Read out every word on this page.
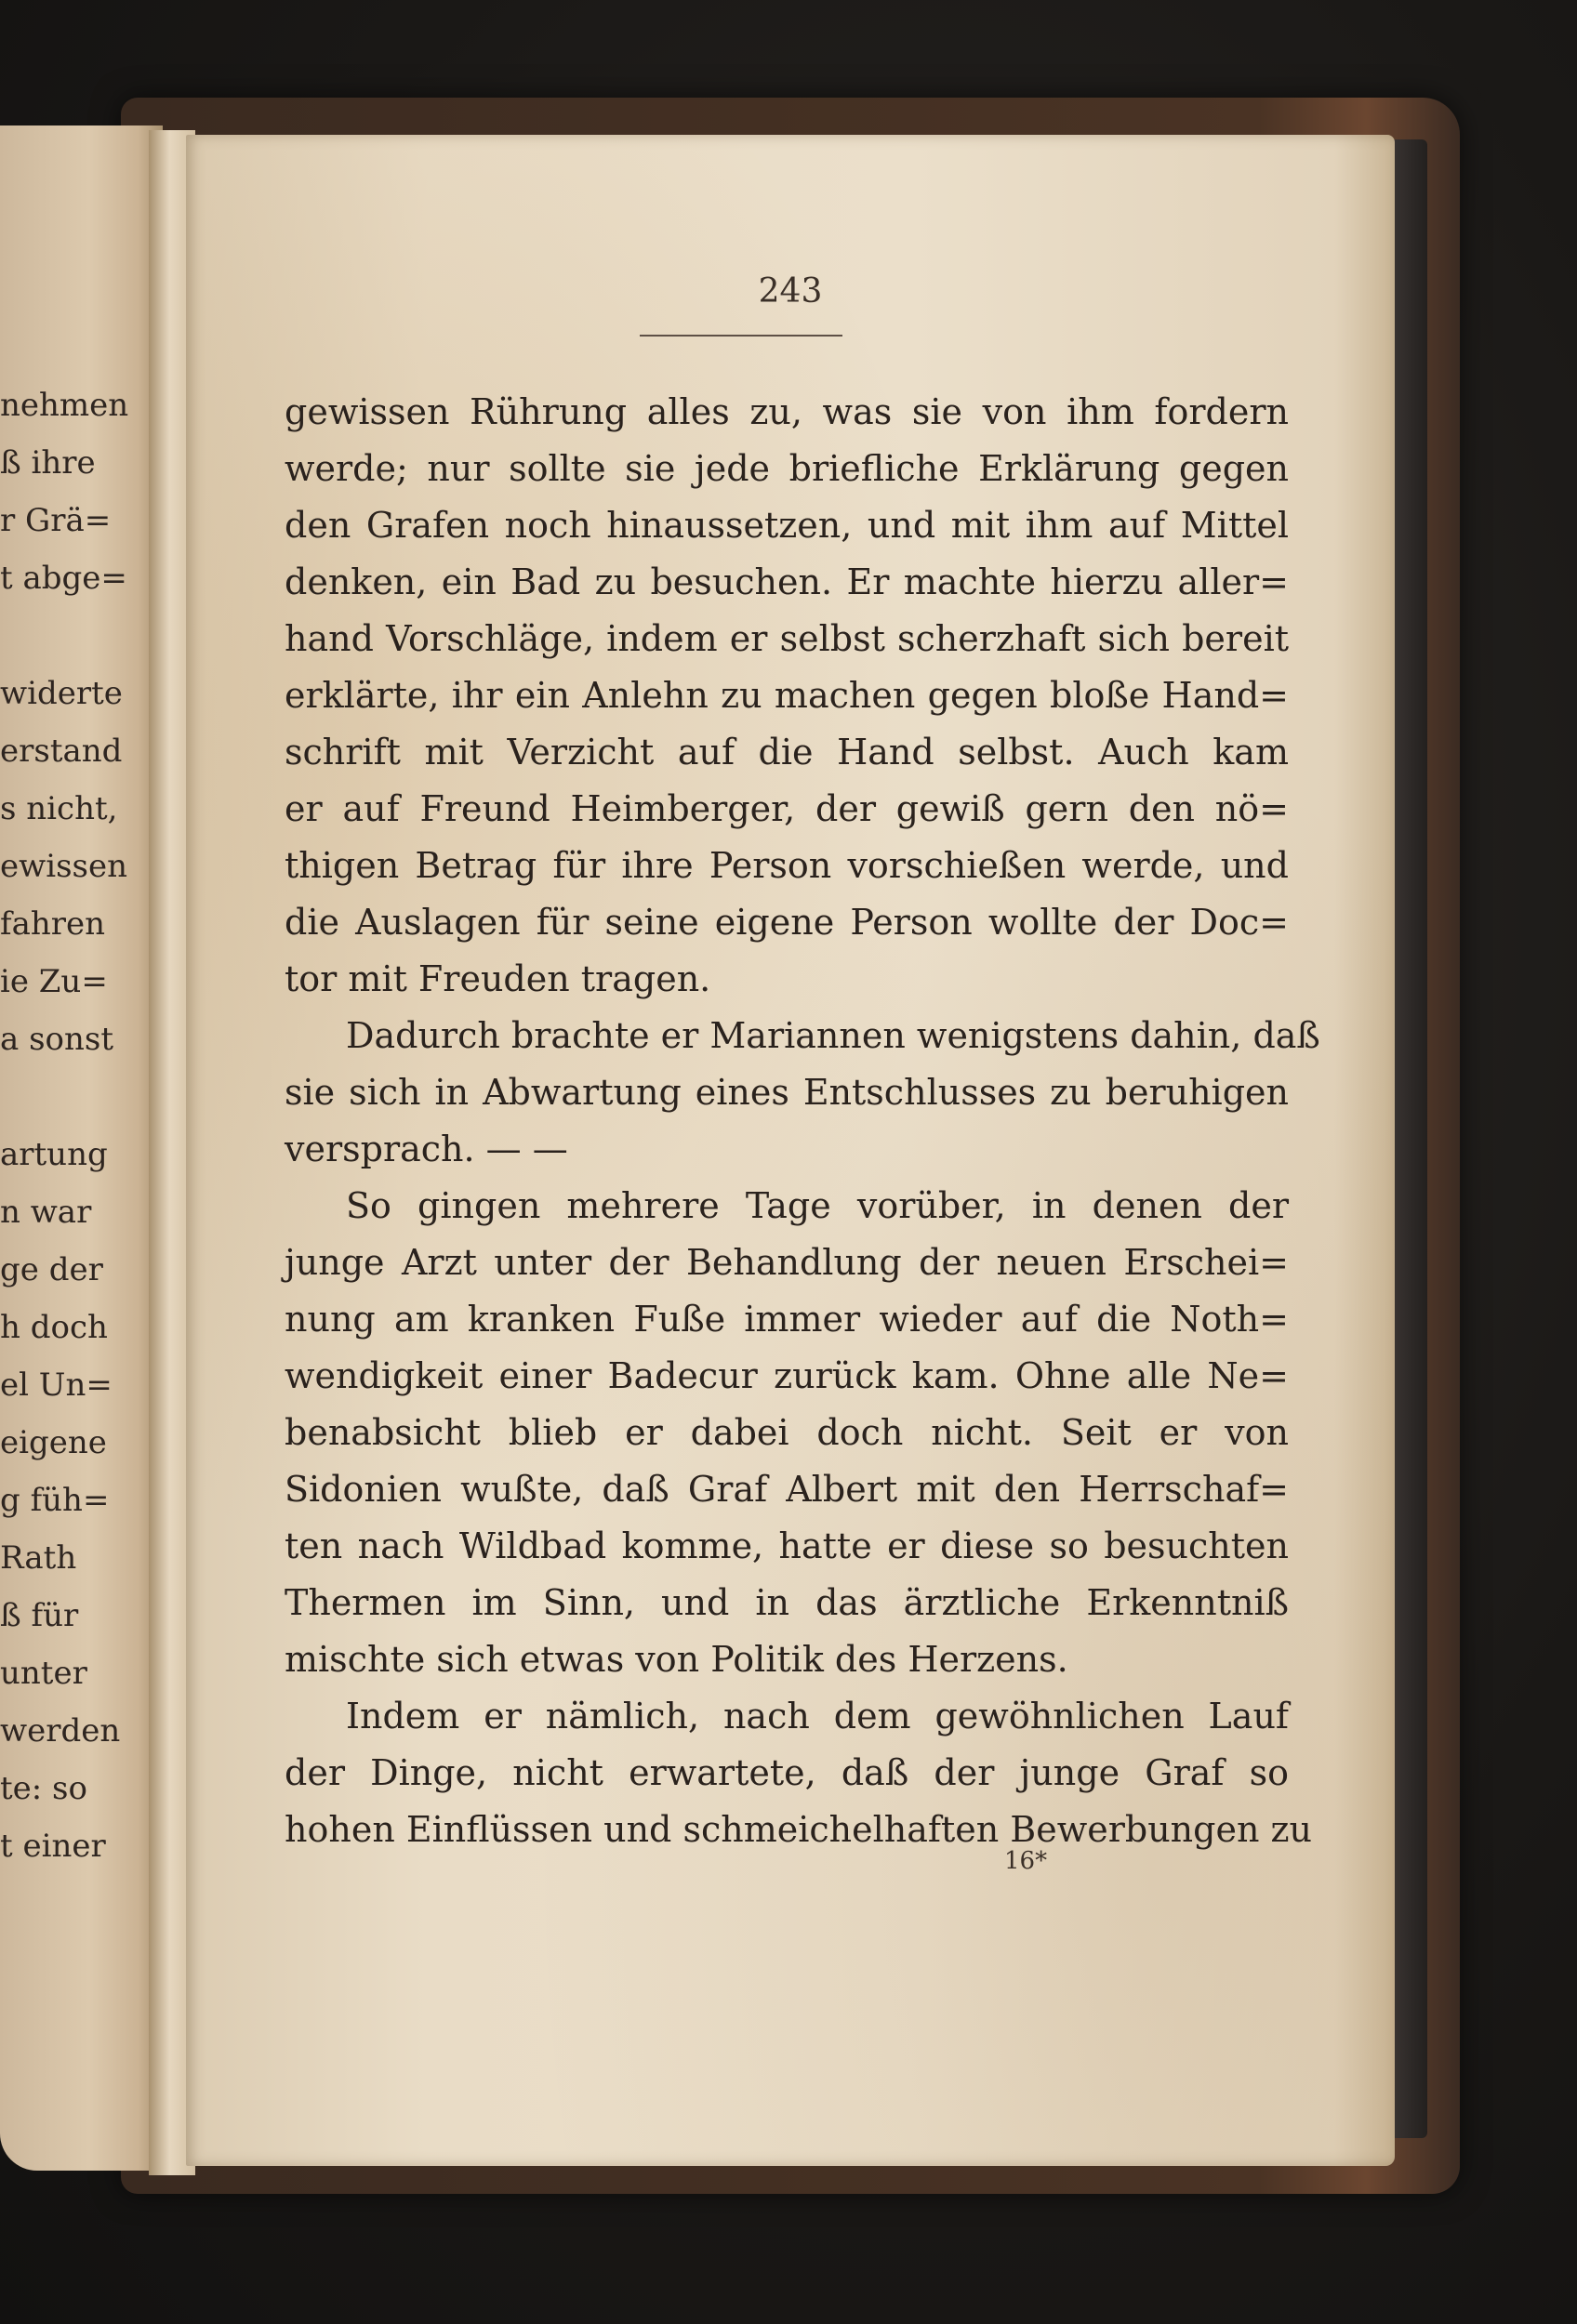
nehmen
ß ihre
r Grä=
t abge=
widerte
erstand
s nicht,
ewissen
fahren
ie Zu=
a sonst
artung
n war
ge der
h doch
el Un=
eigene
g füh=
Rath
ß für
unter
werden
te: so
t einer
243
gewissen Rührung alles zu, was sie von ihm fordern
werde; nur sollte sie jede briefliche Erklärung gegen
den Grafen noch hinaussetzen, und mit ihm auf Mittel
denken, ein Bad zu besuchen. Er machte hierzu aller=
hand Vorschläge, indem er selbst scherzhaft sich bereit
erklärte, ihr ein Anlehn zu machen gegen bloße Hand=
schrift mit Verzicht auf die Hand selbst. Auch kam
er auf Freund Heimberger, der gewiß gern den nö=
thigen Betrag für ihre Person vorschießen werde, und
die Auslagen für seine eigene Person wollte der Doc=
tor mit Freuden tragen.
Dadurch brachte er Mariannen wenigstens dahin, daß
sie sich in Abwartung eines Entschlusses zu beruhigen
versprach. — —
So gingen mehrere Tage vorüber, in denen der
junge Arzt unter der Behandlung der neuen Erschei=
nung am kranken Fuße immer wieder auf die Noth=
wendigkeit einer Badecur zurück kam. Ohne alle Ne=
benabsicht blieb er dabei doch nicht. Seit er von
Sidonien wußte, daß Graf Albert mit den Herrschaf=
ten nach Wildbad komme, hatte er diese so besuchten
Thermen im Sinn, und in das ärztliche Erkenntniß
mischte sich etwas von Politik des Herzens.
Indem er nämlich, nach dem gewöhnlichen Lauf
der Dinge, nicht erwartete, daß der junge Graf so
hohen Einflüssen und schmeichelhaften Bewerbungen zu
16*
